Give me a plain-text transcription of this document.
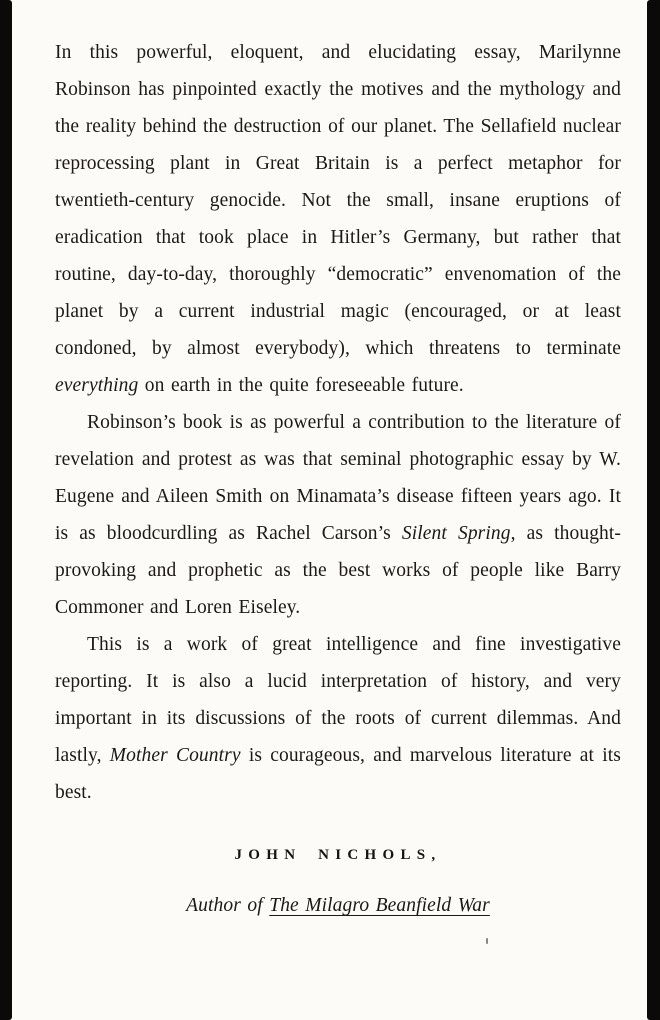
In this powerful, eloquent, and elucidating essay, Marilynne Robinson has pinpointed exactly the motives and the mythology and the reality behind the destruction of our planet. The Sellafield nuclear reprocessing plant in Great Britain is a perfect metaphor for twentieth-century genocide. Not the small, insane eruptions of eradication that took place in Hitler’s Germany, but rather that routine, day-to-day, thoroughly “democratic” envenomation of the planet by a current industrial magic (encouraged, or at least condoned, by almost everybody), which threatens to terminate everything on earth in the quite foreseeable future.

Robinson’s book is as powerful a contribution to the literature of revelation and protest as was that seminal photographic essay by W. Eugene and Aileen Smith on Minamata’s disease fifteen years ago. It is as bloodcurdling as Rachel Carson’s Silent Spring, as thought-provoking and prophetic as the best works of people like Barry Commoner and Loren Eiseley.

This is a work of great intelligence and fine investigative reporting. It is also a lucid interpretation of history, and very important in its discussions of the roots of current dilemmas. And lastly, Mother Country is courageous, and marvelous literature at its best.

JOHN NICHOLS,
Author of The Milagro Beanfield War
